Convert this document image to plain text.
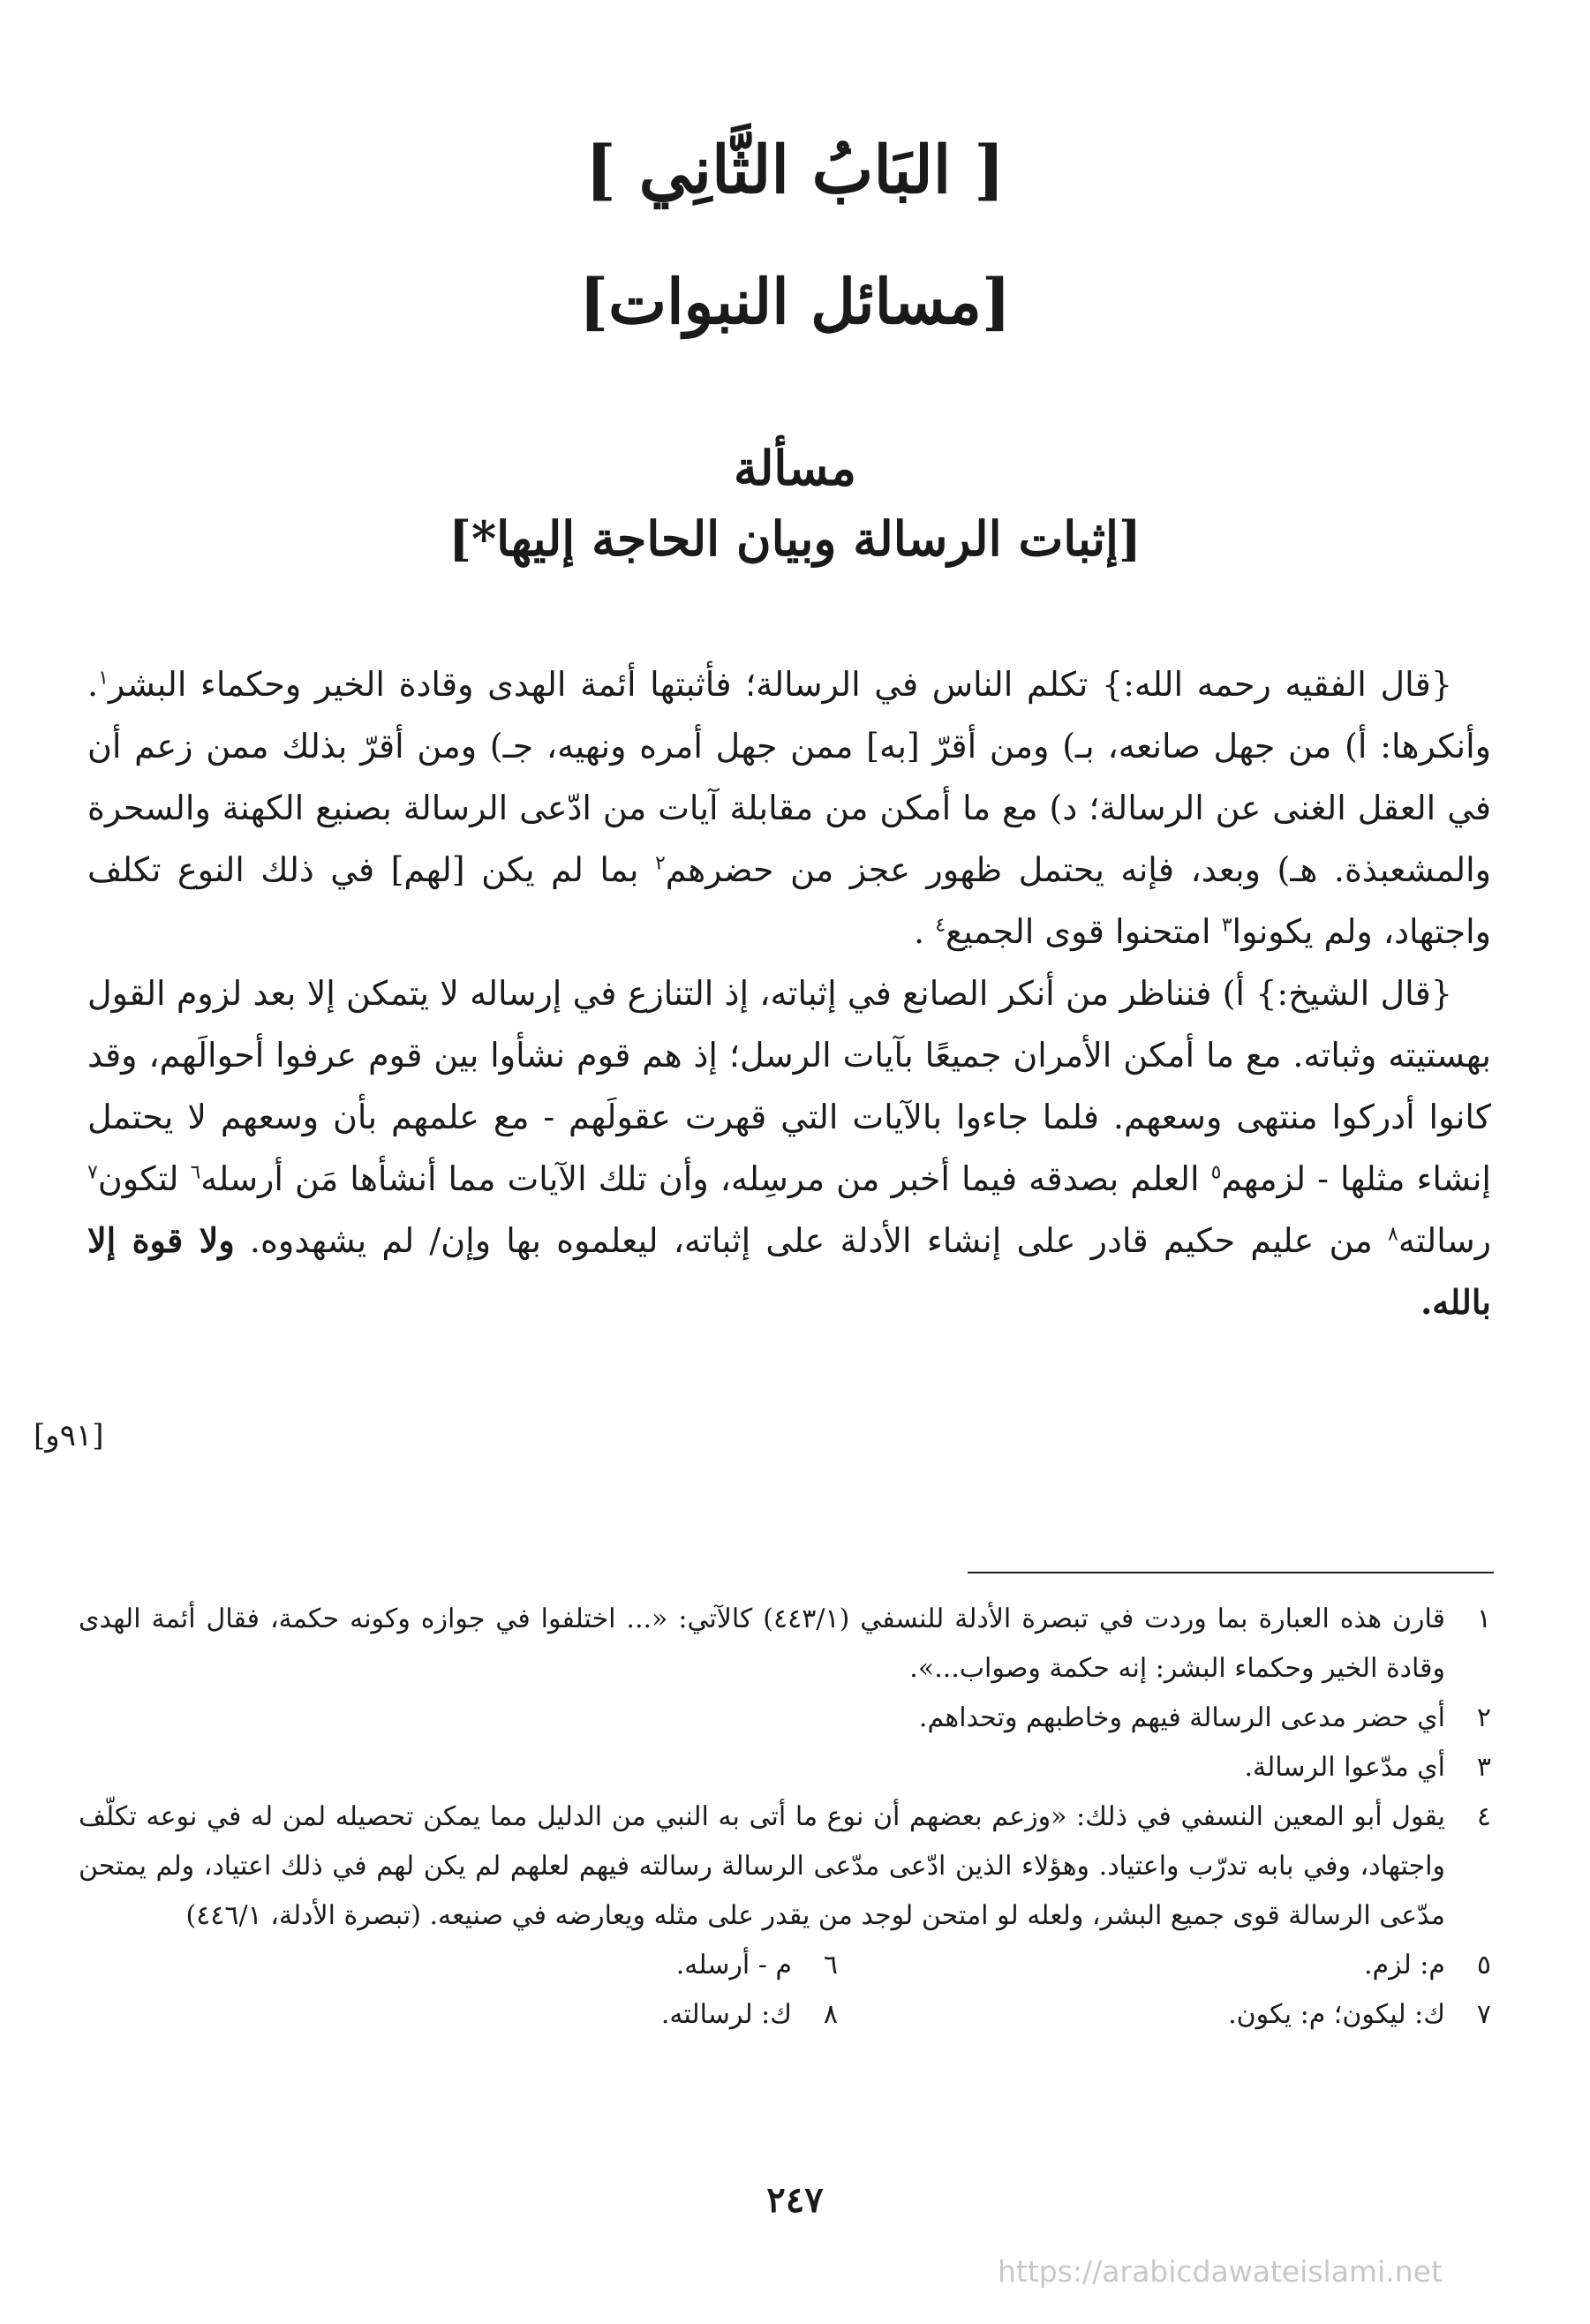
[ البَابُ الثَّانِي ]
[مسائل النبوات]
مسألة
[إثبات الرسالة وبيان الحاجة إليها*]

{قال الفقيه رحمه الله:} تكلم الناس في الرسالة؛ فأثبتها أئمة الهدى وقادة الخير وحكماء البشر$^١$. وأنكرها: أ) من جهل صانعه، بـ) ومن أقرّ [به] ممن جهل أمره ونهيه، جـ) ومن أقرّ بذلك ممن زعم أن في العقل الغنى عن الرسالة؛ د) مع ما أمكن من مقابلة آيات من ادّعى الرسالة بصنيع الكهنة والسحرة والمشعبذة. هـ) وبعد، فإنه يحتمل ظهور عجز من حضرهم$^٢$ بما لم يكن [لهم] في ذلك النوع تكلف واجتهاد، ولم يكونوا$^٣$ امتحنوا قوى الجميع$^٤$ .

{قال الشيخ:} أ) فنناظر من أنكر الصانع في إثباته، إذ التنازع في إرساله لا يتمكن إلا بعد لزوم القول بهستيته وثباته. مع ما أمكن الأمران جميعًا بآيات الرسل؛ إذ هم قوم نشأوا بين قوم عرفوا أحوالَهم، وقد كانوا أدركوا منتهى وسعهم. فلما جاءوا بالآيات التي قهرت عقولَهم - مع علمهم بأن وسعهم لا يحتمل إنشاء مثلها - لزمهم$^٥$ العلم بصدقه فيما أخبر من مرسِله، وأن تلك الآيات مما أنشأها مَن أرسله$^٦$ لتكون$^٧$ رسالته$^٨$ من عليم حكيم قادر على إنشاء الأدلة على إثباته، ليعلموه بها وإن/ لم يشهدوه. ولا قوة إلا بالله.

[٩١و]
١
قارن هذه العبارة بما وردت في تبصرة الأدلة للنسفي (٤٤٣/١) كالآتي: «... اختلفوا في جوازه وكونه حكمة، فقال أئمة الهدى وقادة الخير وحكماء البشر: إنه حكمة وصواب...».
٢
أي حضر مدعى الرسالة فيهم وخاطبهم وتحداهم.
٣
أي مدّعوا الرسالة.
٤
يقول أبو المعين النسفي في ذلك: «وزعم بعضهم أن نوع ما أتى به النبي من الدليل مما يمكن تحصيله لمن له في نوعه تكلّف واجتهاد، وفي بابه تدرّب واعتياد. وهؤلاء الذين ادّعى مدّعى الرسالة رسالته فيهم لعلهم لم يكن لهم في ذلك اعتياد، ولم يمتحن مدّعى الرسالة قوى جميع البشر، ولعله لو امتحن لوجد من يقدر على مثله ويعارضه في صنيعه. (تبصرة الأدلة، ٤٤٦/١)
٥
م: لزم.
٦
م - أرسله.
٧
ك: ليكون؛ م: يكون.
٨
ك: لرسالته.
٢٤٧
https://arabicdawateislami.net
